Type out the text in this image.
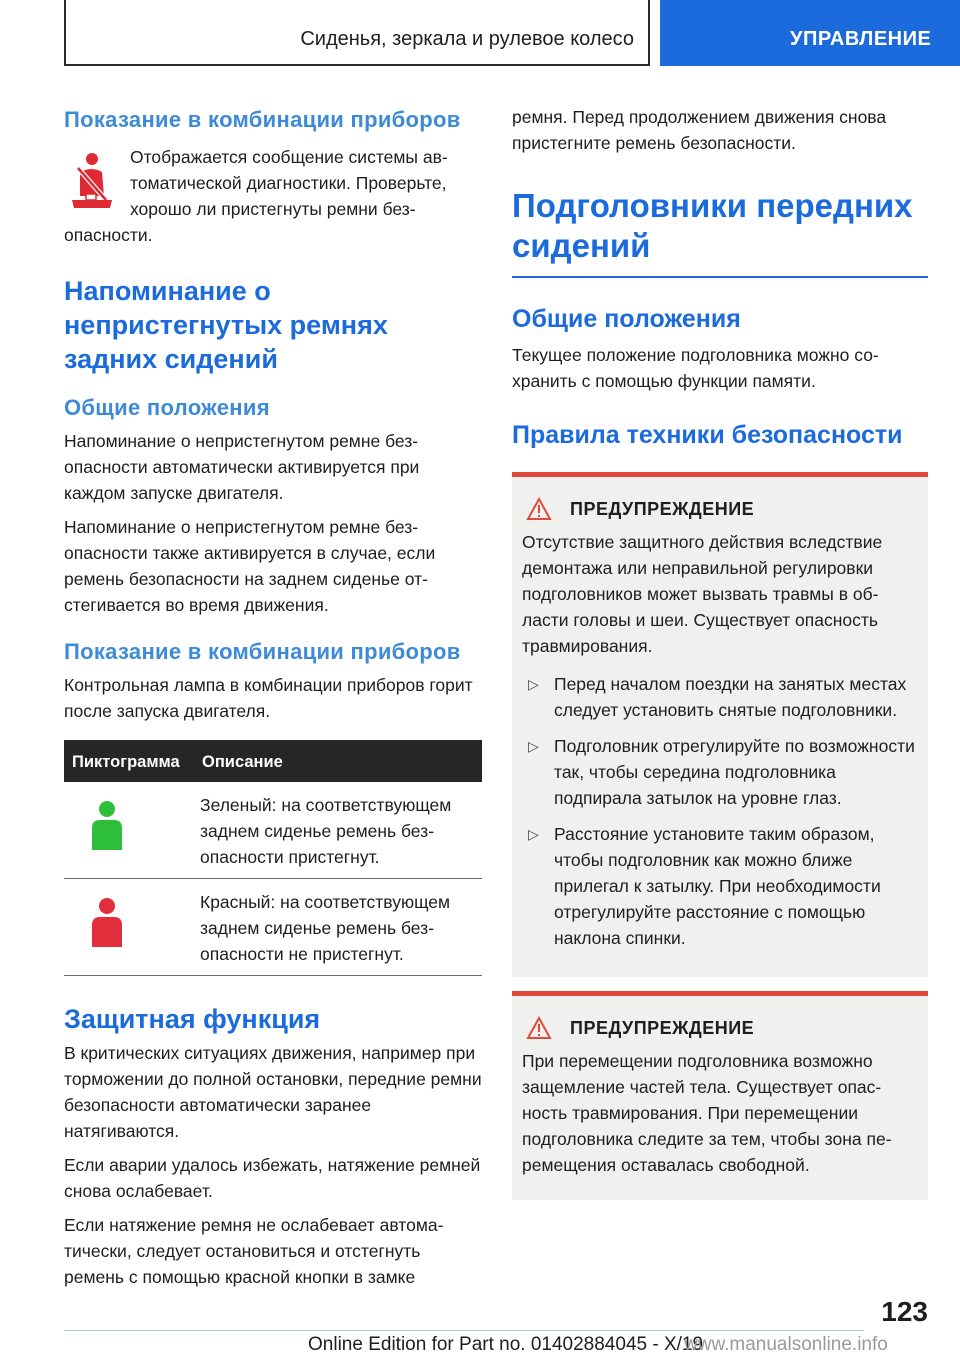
Сиденья, зеркала и рулевое колесо	УПРАВЛЕНИЕ
Показание в комбинации приборов
Отображается сообщение системы автоматической диагностики. Проверьте, хорошо ли пристегнуты ремни безопасности.
Напоминание о непристегнутых ремнях задних сидений
Общие положения
Напоминание о непристегнутом ремне безопасности автоматически активируется при каждом запуске двигателя.
Напоминание о непристегнутом ремне безопасности также активируется в случае, если ремень безопасности на заднем сиденье отстегивается во время движения.
Показание в комбинации приборов
Контрольная лампа в комбинации приборов горит после запуска двигателя.
Пиктограмма	Описание
	Зеленый: на соответствующем заднем сиденье ремень безопасности пристегнут.
	Красный: на соответствующем заднем сиденье ремень безопасности не пристегнут.
Защитная функция
В критических ситуациях движения, например при торможении до полной остановки, передние ремни безопасности автоматически заранее натягиваются.
Если аварии удалось избежать, натяжение ремней снова ослабевает.
Если натяжение ремня не ослабевает автоматически, следует остановиться и отстегнуть ремень с помощью красной кнопки в замке
ремня. Перед продолжением движения снова пристегните ремень безопасности.
Подголовники передних сидений
Общие положения
Текущее положение подголовника можно сохранить с помощью функции памяти.
Правила техники безопасности
ПРЕДУПРЕЖДЕНИЕ
Отсутствие защитного действия вследствие демонтажа или неправильной регулировки подголовников может вызвать травмы в области головы и шеи. Существует опасность травмирования.
▷ Перед началом поездки на занятых местах следует установить снятые подголовники.
▷ Подголовник отрегулируйте по возможности так, чтобы середина подголовника подпирала затылок на уровне глаз.
▷ Расстояние установите таким образом, чтобы подголовник как можно ближе прилегал к затылку. При необходимости отрегулируйте расстояние с помощью наклона спинки.
ПРЕДУПРЕЖДЕНИЕ
При перемещении подголовника возможно защемление частей тела. Существует опасность травмирования. При перемещении подголовника следите за тем, чтобы зона перемещения оставалась свободной.
123
Online Edition for Part no. 01402884045 - X/19
www.manualsonline.info
